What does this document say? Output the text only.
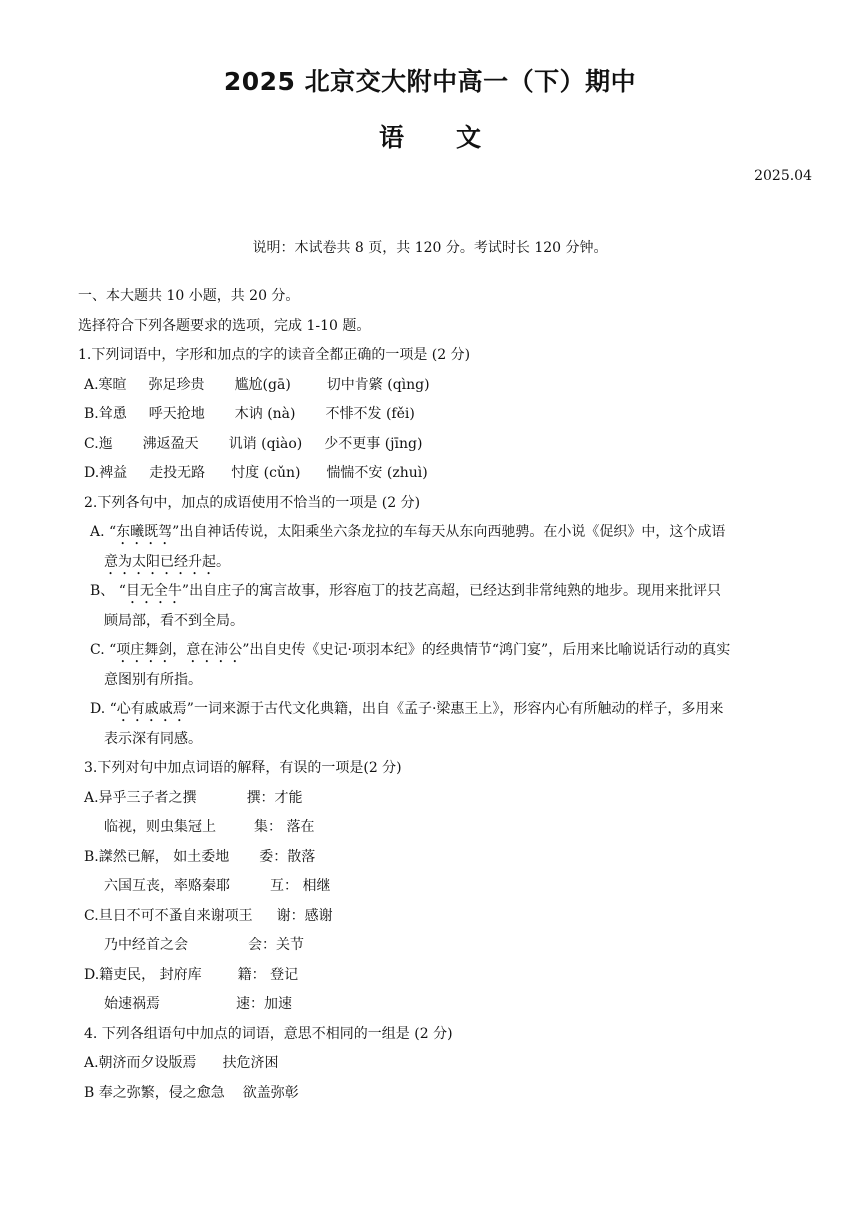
2025 北京交大附中高一（下）期中
语文
2025.04
说明：木试卷共 8 页，共 120 分。考试时长 120 分钟。
一、本大题共 10 小题，共 20 分。
选择符合下列各题要求的选项，完成 1-10 题。
1.下列词语中，字形和加点的字的读音全都正确的一项是 (2 分)
A.寒暄 弥足珍贵 尴尬(gā)	切中肯綮 (qìng)
B.耸恿 呼天抢地 木讷 (nà) 不悱不发 (fěi)
C.迤 沸返盈天 讥诮 (qiào) 少不更事 (jīng)
D.裨益 走投无路 忖度 (cǔn) 惴惴不安 (zhuì)
2.下列各句中，加点的成语使用不恰当的一项是 (2 分)
A. “东曦既驾”出自神话传说，太阳乘坐六条龙拉的车每天从东向西驰骋。在小说《促织》中，这个成语
意为太阳已经升起。
B、 “目无全牛”出自庄子的寓言故事，形容庖丁的技艺高超，已经达到非常纯熟的地步。现用来批评只
顾局部，看不到全局。
C. “项庄舞剑，意在沛公”出自史传《史记·项羽本纪》的经典情节“鸿门宴”，后用来比喻说话行动的真实
意图别有所指。
D. “心有戚戚焉”一词来源于古代文化典籍，出自《孟子·梁惠王上》，形容内心有所触动的样子，多用来
表示深有同感。
3.下列对句中加点词语的解释，有误的一项是(2 分)
A.异乎三子者之撰	撰：才能
临视，则虫集冠上	集： 落在
B.謋然已解， 如土委地 委：散落
六国互丧，率赂秦耶	互： 相继
C.旦日不可不蚤自来谢项王 谢：感谢
乃中经首之会	会：关节
D.籍吏民， 封府库	籍： 登记
始速祸焉	速：加速
4. 下列各组语句中加点的词语，意思不相同的一组是 (2 分)
A.朝济而夕设版焉 扶危济困
B 奉之弥繁，侵之愈急 欲盖弥彰
